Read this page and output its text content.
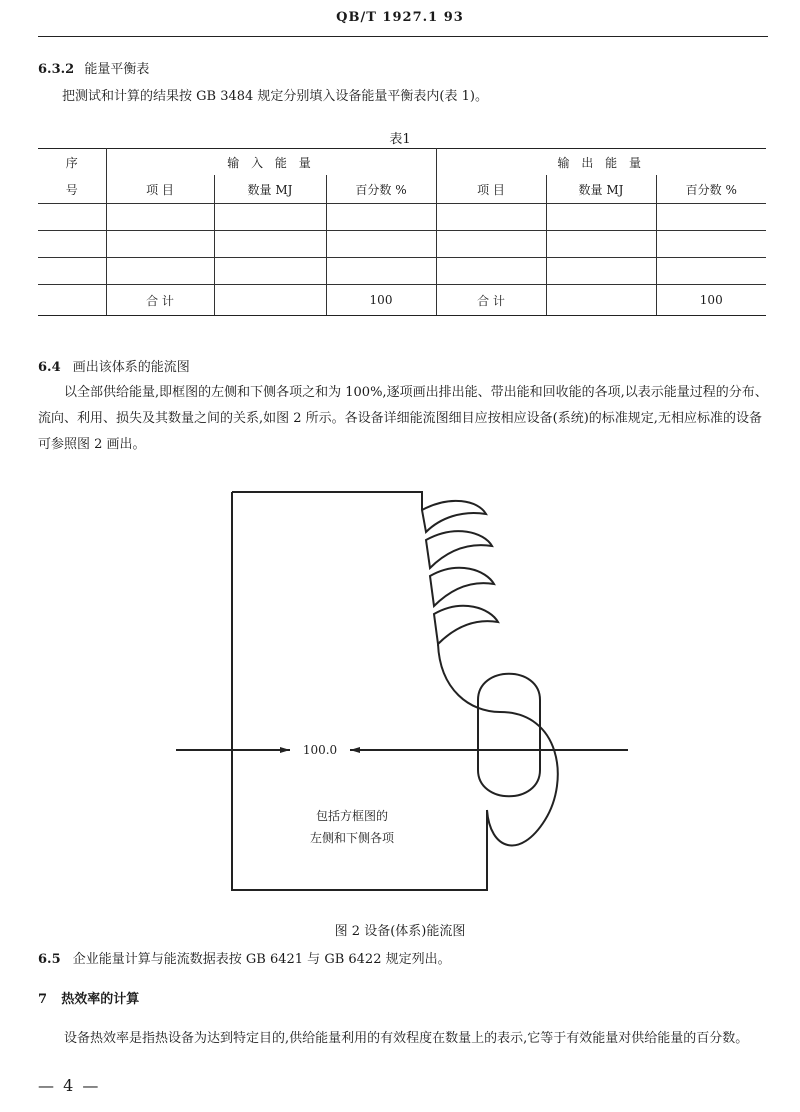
QB/T 1927.1 93
6.3.2 能量平衡表
把测试和计算的结果按 GB 3484 规定分别填入设备能量平衡表内(表 1)。
表1
序	输 入 能 量			输 出 能 量		
号	项 目	数量 MJ	百分数 %	项 目	数量 MJ	百分数 %

	合 计		100	合 计		100
6.4 画出该体系的能流图
以全部供给能量,即框图的左侧和下侧各项之和为 100%,逐项画出排出能、带出能和回收能的各项,以表示能量过程的分布、流向、利用、损失及其数量之间的关系,如图 2 所示。各设备详细能流图细目应按相应设备(系统)的标准规定,无相应标准的设备可参照图 2 画出。
100.0
包括方框图的
左侧和下侧各项
图 2 设备(体系)能流图
6.5 企业能量计算与能流数据表按 GB 6421 与 GB 6422 规定列出。
7 热效率的计算
设备热效率是指热设备为达到特定目的,供给能量利用的有效程度在数量上的表示,它等于有效能量对供给能量的百分数。
— 4 —
